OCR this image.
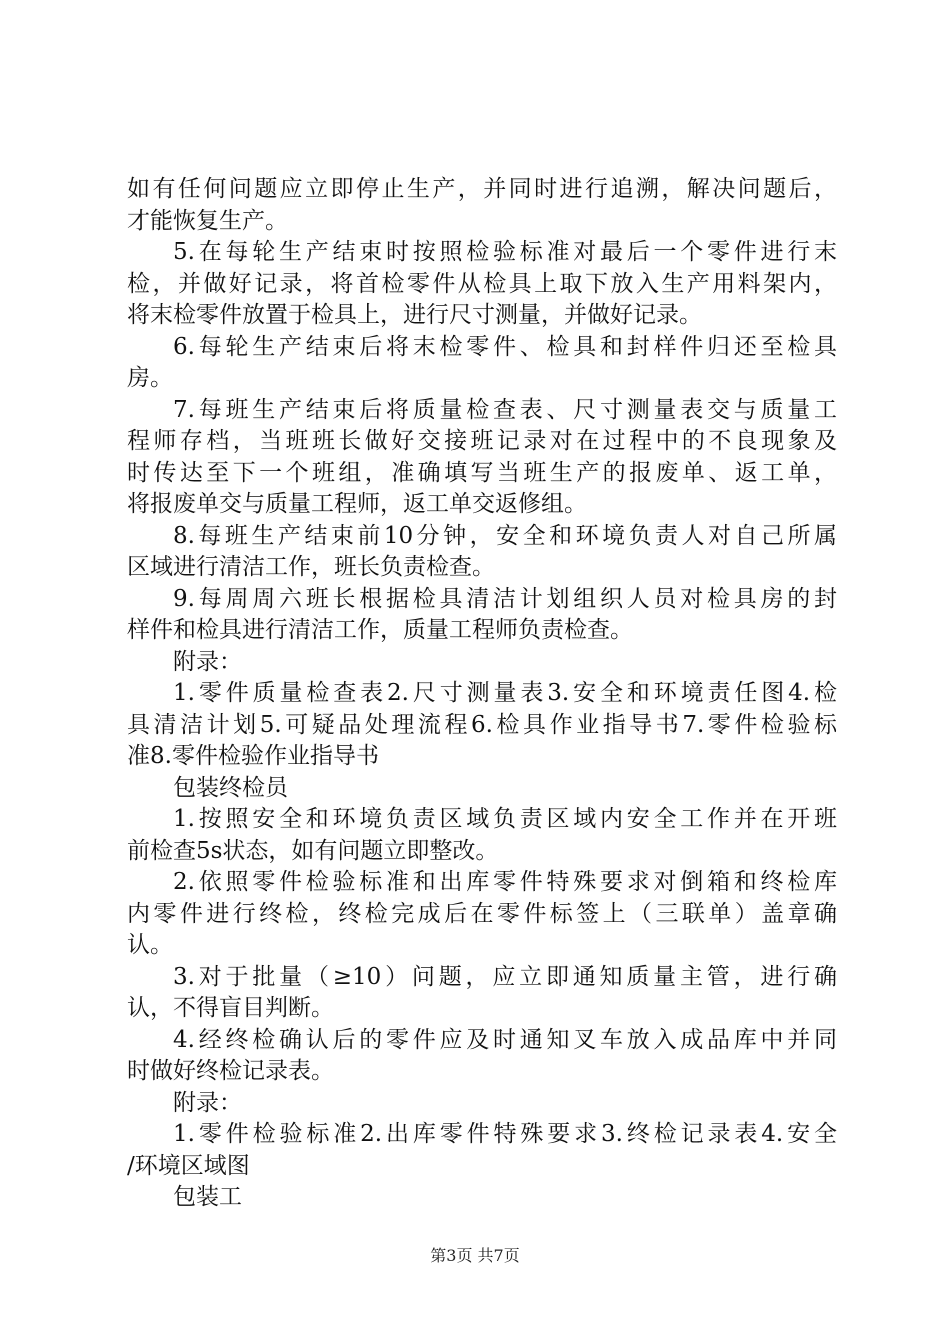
如有任何问题应立即停止生产，并同时进行追溯，解决问题后，
才能恢复生产。
5.在每轮生产结束时按照检验标准对最后一个零件进行末
检，并做好记录，将首检零件从检具上取下放入生产用料架内，
将末检零件放置于检具上，进行尺寸测量，并做好记录。
6.每轮生产结束后将末检零件、检具和封样件归还至检具
房。
7.每班生产结束后将质量检查表、尺寸测量表交与质量工
程师存档，当班班长做好交接班记录对在过程中的不良现象及
时传达至下一个班组，准确填写当班生产的报废单、返工单，
将报废单交与质量工程师，返工单交返修组。
8.每班生产结束前10分钟，安全和环境负责人对自己所属
区域进行清洁工作，班长负责检查。
9.每周周六班长根据检具清洁计划组织人员对检具房的封
样件和检具进行清洁工作，质量工程师负责检查。
附录：
1.零件质量检查表2.尺寸测量表3.安全和环境责任图4.检
具清洁计划5.可疑品处理流程6.检具作业指导书7.零件检验标
准8.零件检验作业指导书
包装终检员
1.按照安全和环境负责区域负责区域内安全工作并在开班
前检查5s状态，如有问题立即整改。
2.依照零件检验标准和出库零件特殊要求对倒箱和终检库
内零件进行终检，终检完成后在零件标签上（三联单）盖章确
认。
3.对于批量（≥10）问题，应立即通知质量主管，进行确
认，不得盲目判断。
4.经终检确认后的零件应及时通知叉车放入成品库中并同
时做好终检记录表。
附录：
1.零件检验标准2.出库零件特殊要求3.终检记录表4.安全
/环境区域图
包装工
第3页 共7页
